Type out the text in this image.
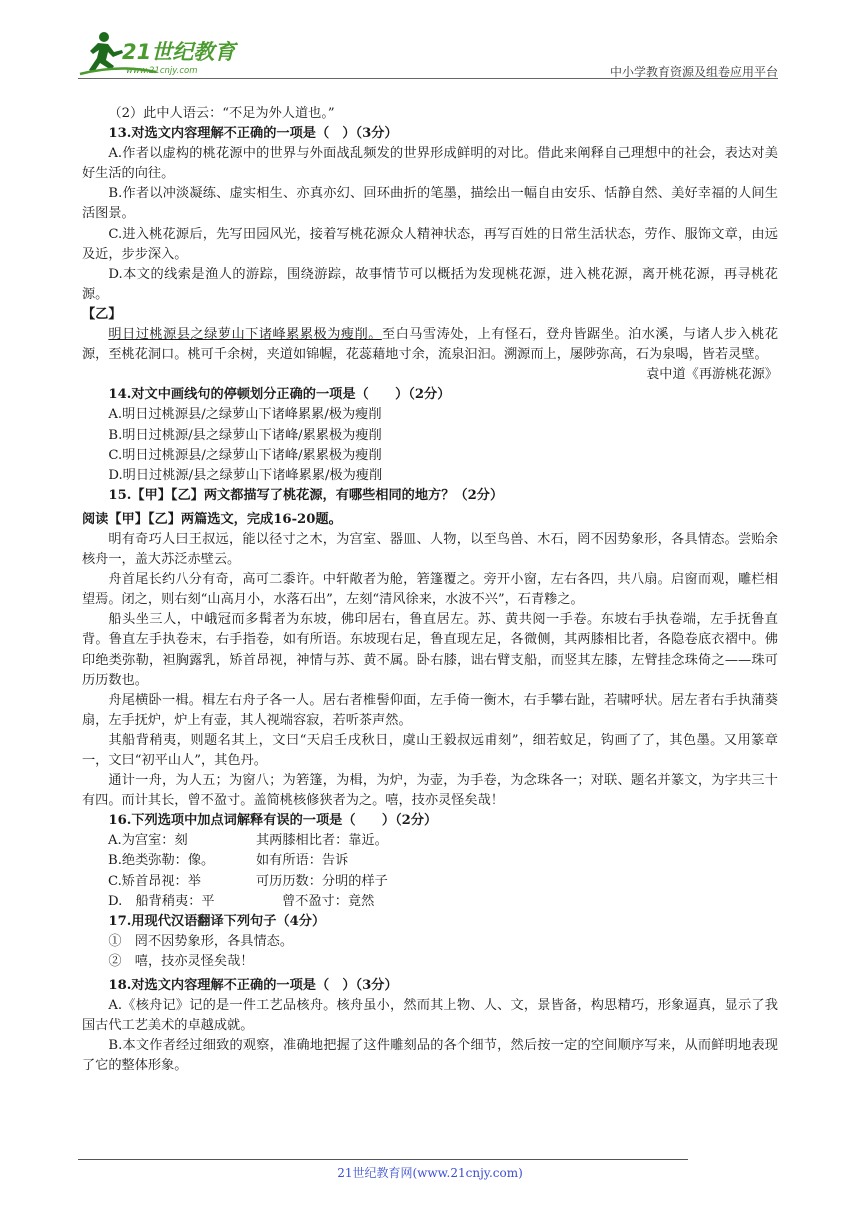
21世纪教育
www.21cnjy.com	中小学教育资源及组卷应用平台

（2）此中人语云：“不足为外人道也。”

13.对选文内容理解不正确的一项是（　）（3分）

A.作者以虚构的桃花源中的世界与外面战乱频发的世界形成鲜明的对比。借此来阐释自己理想中的社会，表达对美好生活的向往。

B.作者以冲淡凝练、虚实相生、亦真亦幻、回环曲折的笔墨，描绘出一幅自由安乐、恬静自然、美好幸福的人间生活图景。

C.进入桃花源后，先写田园风光，接着写桃花源众人精神状态，再写百姓的日常生活状态，劳作、服饰文章，由远及近，步步深入。

D.本文的线索是渔人的游踪，围绕游踪，故事情节可以概括为发现桃花源，进入桃花源，离开桃花源，再寻桃花源。

【乙】

明日过桃源县之绿萝山下诸峰累累极为瘦削。至白马雪涛处，上有怪石，登舟皆踞坐。泊水溪，与诸人步入桃花源，至桃花洞口。桃可千余树，夹道如锦幄，花蕊藉地寸余，流泉汩汩。溯源而上，屡陟弥高，石为泉喝，皆若灵壁。

袁中道《再游桃花源》

14.对文中画线句的停顿划分正确的一项是（　　）（2分）

A.明日过桃源县/之绿萝山下诸峰累累/极为瘦削

B.明日过桃源/县之绿萝山下诸峰/累累极为瘦削

C.明日过桃源县/之绿萝山下诸峰/累累极为瘦削

D.明日过桃源/县之绿萝山下诸峰累累/极为瘦削

15.【甲】【乙】两文都描写了桃花源，有哪些相同的地方？（2分）

阅读【甲】【乙】两篇选文，完成16-20题。

明有奇巧人曰王叔远，能以径寸之木，为宫室、器皿、人物，以至鸟兽、木石，罔不因势象形，各具情态。尝贻余核舟一，盖大苏泛赤壁云。

舟首尾长约八分有奇，高可二黍许。中轩敞者为舱，箬篷覆之。旁开小窗，左右各四，共八扇。启窗而观，雕栏相望焉。闭之，则右刻“山高月小，水落石出”，左刻“清风徐来，水波不兴”，石青糁之。

船头坐三人，中峨冠而多髯者为东坡，佛印居右，鲁直居左。苏、黄共阅一手卷。东坡右手执卷端，左手抚鲁直背。鲁直左手执卷末，右手指卷，如有所语。东坡现右足，鲁直现左足，各微侧，其两膝相比者，各隐卷底衣褶中。佛印绝类弥勒，袒胸露乳，矫首昂视，神情与苏、黄不属。卧右膝，诎右臂支船，而竖其左膝，左臂挂念珠倚之——珠可历历数也。

舟尾横卧一楫。楫左右舟子各一人。居右者椎髻仰面，左手倚一衡木，右手攀右趾，若啸呼状。居左者右手执蒲葵扇，左手抚炉，炉上有壶，其人视端容寂，若听茶声然。

其船背稍夷，则题名其上，文曰“天启壬戌秋日，虞山王毅叔远甫刻”，细若蚊足，钩画了了，其色墨。又用篆章一，文曰“初平山人”，其色丹。

通计一舟，为人五；为窗八；为箬篷，为楫，为炉，为壶，为手卷，为念珠各一；对联、题名并篆文，为字共三十有四。而计其长，曾不盈寸。盖简桃核修狭者为之。嘻，技亦灵怪矣哉！

16.下列选项中加点词解释有误的一项是（　　）（2分）

A.为宫室：刻	其两膝相比者：靠近。
B.绝类弥勒：像。	如有所语：告诉
C.矫首昂视：举	可历历数：分明的样子
D.　船背稍夷：平	曾不盈寸：竟然

17.用现代汉语翻译下列句子（4分）

①　罔不因势象形，各具情态。

②　嘻，技亦灵怪矣哉！

18.对选文内容理解不正确的一项是（　）（3分）

A.《核舟记》记的是一件工艺品核舟。核舟虽小，然而其上物、人、文，景皆备，构思精巧，形象逼真，显示了我国古代工艺美术的卓越成就。

B.本文作者经过细致的观察，准确地把握了这件雕刻品的各个细节，然后按一定的空间顺序写来，从而鲜明地表现了它的整体形象。

21世纪教育网(www.21cnjy.com)
